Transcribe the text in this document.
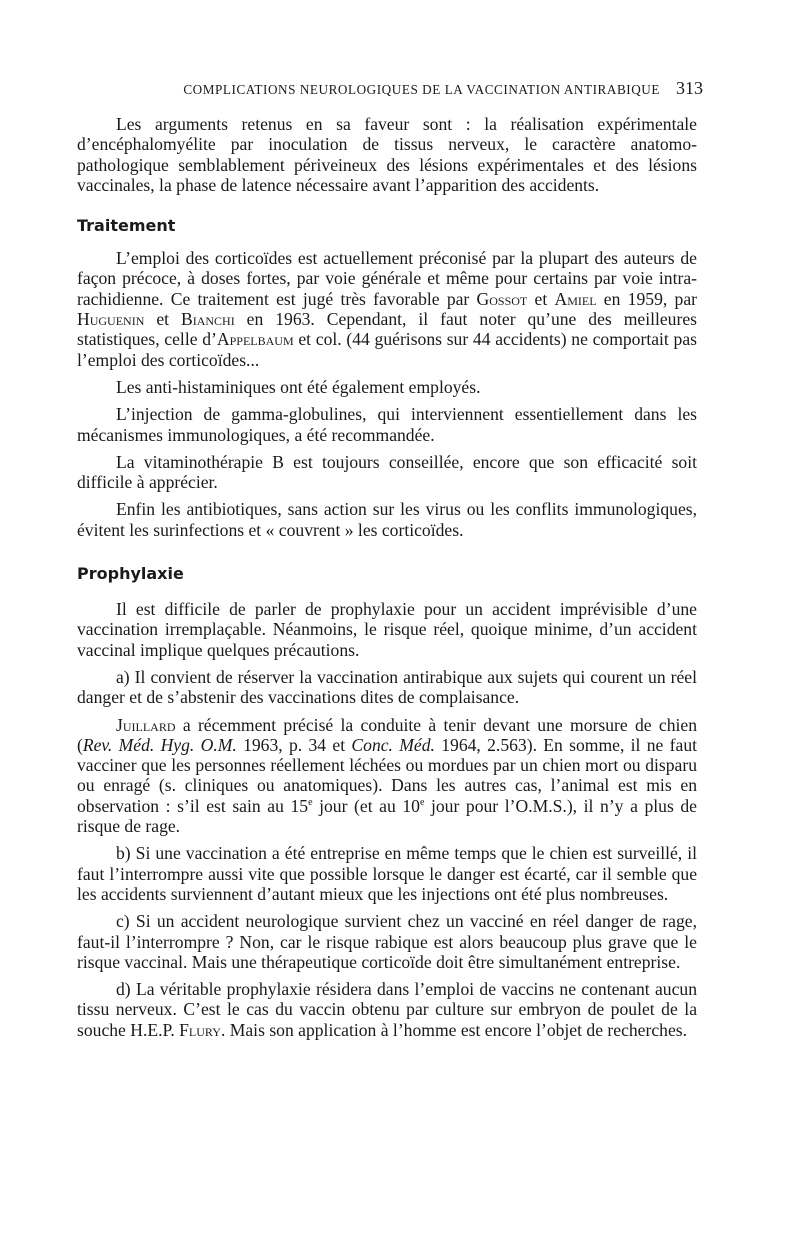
COMPLICATIONS NEUROLOGIQUES DE LA VACCINATION ANTIRABIQUE 313

Les arguments retenus en sa faveur sont : la réalisation expérimentale d’encéphalomyélite par inoculation de tissus nerveux, le caractère anatomo-pathologique semblablement périveineux des lésions expérimentales et des lésions vaccinales, la phase de latence nécessaire avant l’apparition des accidents.

Traitement

L’emploi des corticoïdes est actuellement préconisé par la plupart des auteurs de façon précoce, à doses fortes, par voie générale et même pour certains par voie intra-rachidienne. Ce traitement est jugé très favorable par Gossot et Amiel en 1959, par Huguenin et Bianchi en 1963. Cependant, il faut noter qu’une des meilleures statistiques, celle d’Appelbaum et col. (44 guérisons sur 44 accidents) ne comportait pas l’emploi des corticoïdes...

Les anti-histaminiques ont été également employés.

L’injection de gamma-globulines, qui interviennent essentiellement dans les mécanismes immunologiques, a été recommandée.

La vitaminothérapie B est toujours conseillée, encore que son efficacité soit difficile à apprécier.

Enfin les antibiotiques, sans action sur les virus ou les conflits immunologiques, évitent les surinfections et « couvrent » les corticoïdes.

Prophylaxie

Il est difficile de parler de prophylaxie pour un accident imprévisible d’une vaccination irremplaçable. Néanmoins, le risque réel, quoique minime, d’un accident vaccinal implique quelques précautions.

a) Il convient de réserver la vaccination antirabique aux sujets qui courent un réel danger et de s’abstenir des vaccinations dites de complaisance.

Juillard a récemment précisé la conduite à tenir devant une morsure de chien (Rev. Méd. Hyg. O.M. 1963, p. 34 et Conc. Méd. 1964, 2.563). En somme, il ne faut vacciner que les personnes réellement léchées ou mordues par un chien mort ou disparu ou enragé (s. cliniques ou anatomiques). Dans les autres cas, l’animal est mis en observation : s’il est sain au 15e jour (et au 10e jour pour l’O.M.S.), il n’y a plus de risque de rage.

b) Si une vaccination a été entreprise en même temps que le chien est surveillé, il faut l’interrompre aussi vite que possible lorsque le danger est écarté, car il semble que les accidents surviennent d’autant mieux que les injections ont été plus nombreuses.

c) Si un accident neurologique survient chez un vacciné en réel danger de rage, faut-il l’interrompre ? Non, car le risque rabique est alors beaucoup plus grave que le risque vaccinal. Mais une thérapeutique corticoïde doit être simultanément entreprise.

d) La véritable prophylaxie résidera dans l’emploi de vaccins ne contenant aucun tissu nerveux. C’est le cas du vaccin obtenu par culture sur embryon de poulet de la souche H.E.P. Flury. Mais son application à l’homme est encore l’objet de recherches.
